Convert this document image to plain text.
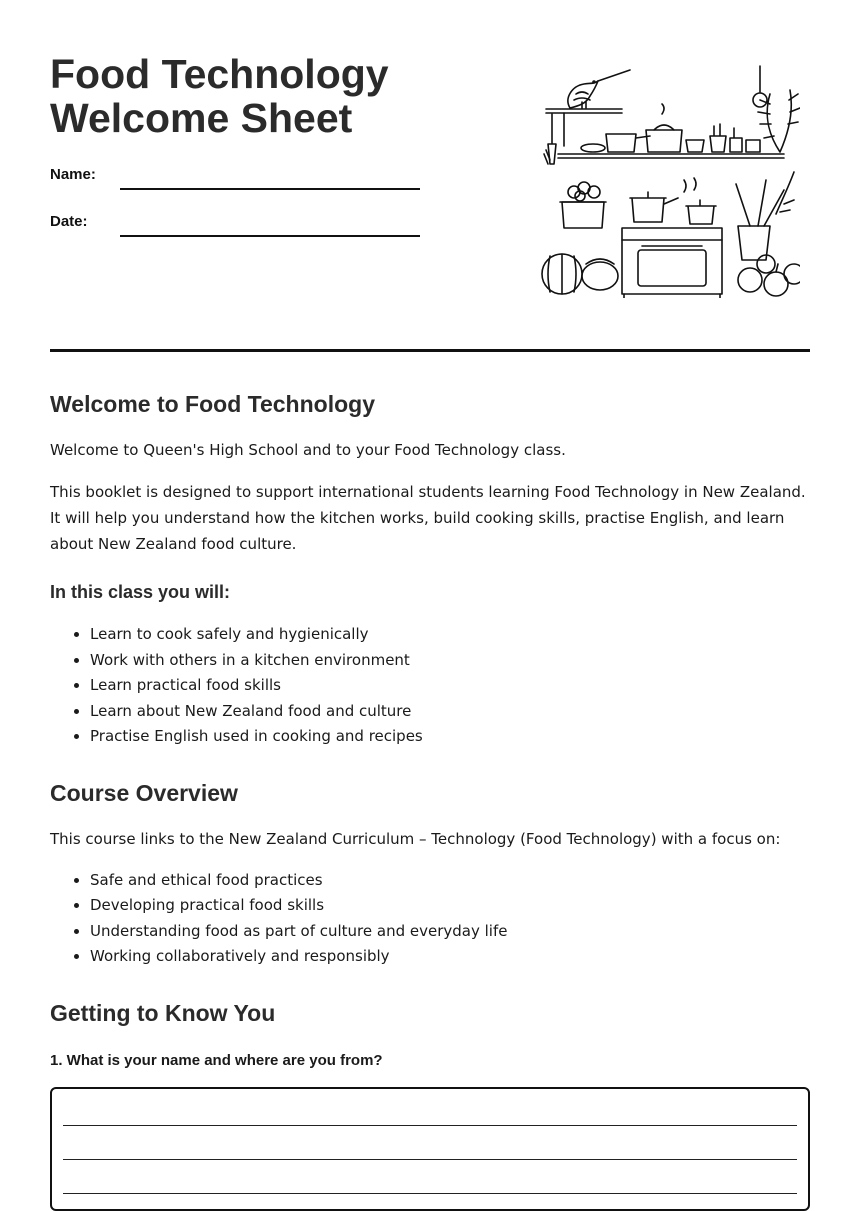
Food Technology
Welcome Sheet
Name:
Date:
Welcome to Food Technology

Welcome to Queen's High School and to your Food Technology class.

This booklet is designed to support international students learning Food Technology in New Zealand. It will help you understand how the kitchen works, build cooking skills, practise English, and learn about New Zealand food culture.

In this class you will:
• Learn to cook safely and hygienically
• Work with others in a kitchen environment
• Learn practical food skills
• Learn about New Zealand food and culture
• Practise English used in cooking and recipes
Course Overview

This course links to the New Zealand Curriculum – Technology (Food Technology) with a focus on:

• Safe and ethical food practices
• Developing practical food skills
• Understanding food as part of culture and everyday life
• Working collaboratively and responsibly
Getting to Know You

1. What is your name and where are you from?
